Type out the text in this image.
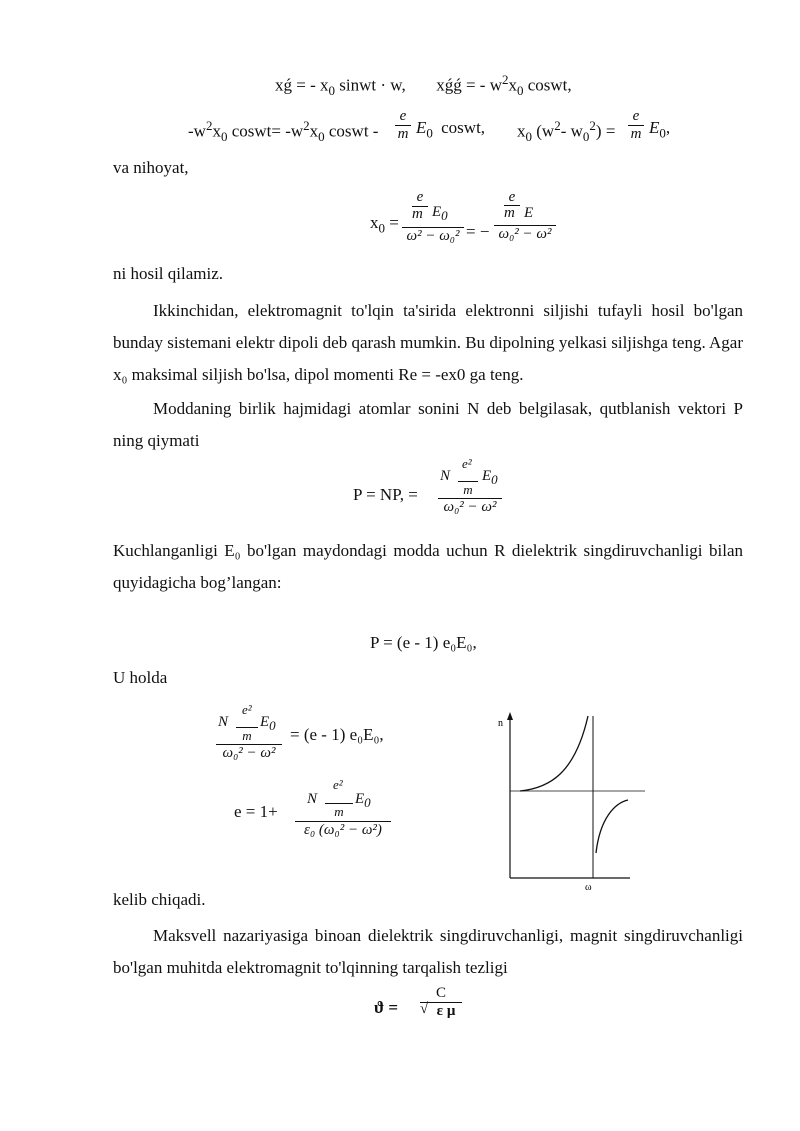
xǵ = - $x_0$ sinwt · w, xǵǵ = - $w^2x_0$ coswt,
$-w^2x_0$ coswt= $-w^2x_0$ coswt -
e
m $E_0$ coswt, $x_0$ ($w^2-$ $w_0^2$) =
e
m $E_0$,
va nihoyat,
$x_0$ =
e
m $E_0$
ω² − ω₀² = −
e
m E
ω₀² − ω²
ni hosil qilamiz.

Ikkinchidan, elektromagnit to'lqin ta'sirida elektronni siljishi tufayli hosil bo'lgan bunday sistemani elektr dipoli deb qarash mumkin. Bu dipolning yelkasi siljishga teng. Agar x₀ maksimal siljish bo'lsa, dipol momenti Re = -ex0 ga teng.

Moddaning birlik hajmidagi atomlar sonini N deb belgilasak, qutblanish vektori P ning qiymati

P = NP, =
N
e²
m
$E_0$
ω₀² − ω²

Kuchlanganligi E₀ bo'lgan maydondagi modda uchun R dielektrik singdiruvchanligi bilan quyidagicha bog’langan:

P = (e - 1) e₀E₀,
U holda
N
e²
m
$E_0$
ω₀² − ω²
= (e - 1) e₀E₀,
e = 1+
N
e²
m
$E_0$
ε₀ (ω₀² − ω²)
n
ω
kelib chiqadi.

Maksvell nazariyasiga binoan dielektrik singdiruvchanligi, magnit singdiruvchanligi bo'lgan muhitda elektromagnit to'lqinning tarqalish tezligi

ϑ =
C
√ ε μ
